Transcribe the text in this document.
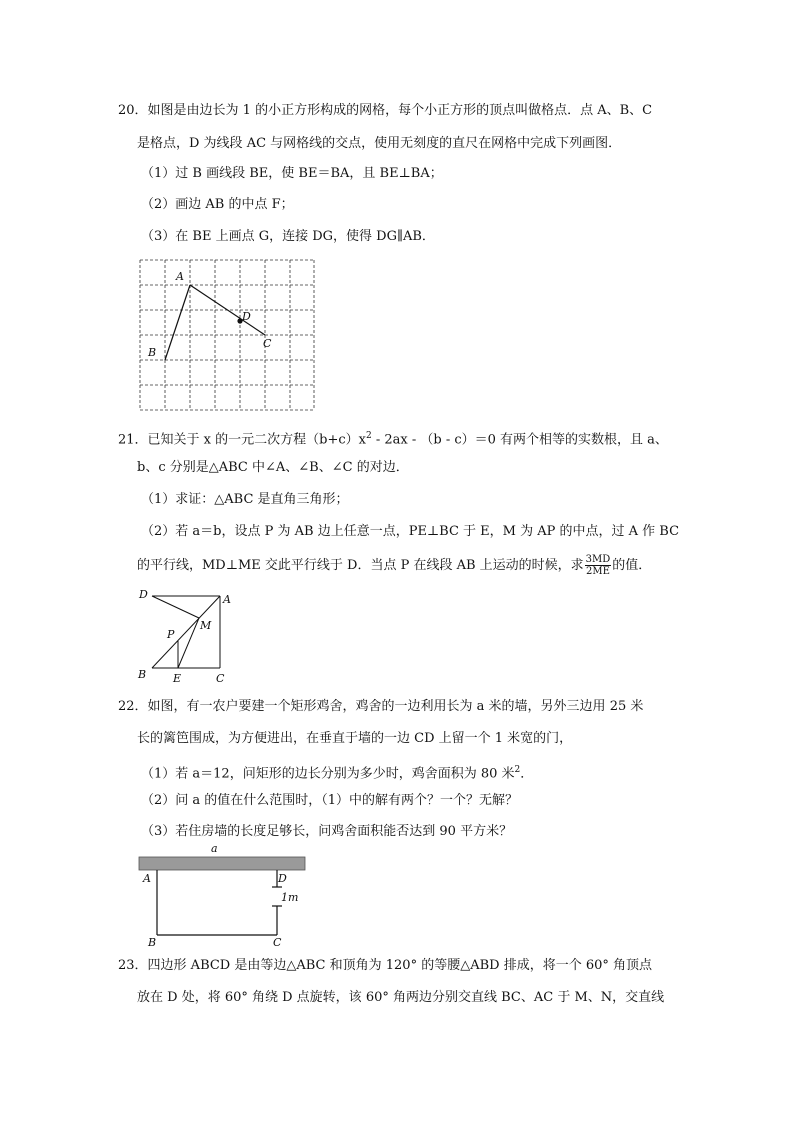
20．如图是由边长为 1 的小正方形构成的网格，每个小正方形的顶点叫做格点．点 A、B、C
是格点，D 为线段 AC 与网格线的交点，使用无刻度的直尺在网格中完成下列画图．
（1）过 B 画线段 BE，使 BE＝BA，且 BE⊥BA；
（2）画边 AB 的中点 F；
（3）在 BE 上画点 G，连接 DG，使得 DG∥AB．
A
B
C
D
21．已知关于 x 的一元二次方程$(b+c)x^2 - 2ax - (b - c)=0$ 有两个相等的实数根，且 a、
b、c 分别是△ABC 中∠A、∠B、∠C 的对边．
（1）求证：△ABC 是直角三角形；
（2）若 a＝b，设点 P 为 AB 边上任意一点，PE⊥BC 于 E，M 为 AP 的中点，过 A 作 BC
的平行线，MD⊥ME 交此平行线于 D．当点 P 在线段 AB 上运动的时候，求 $\frac{3MD}{2ME}$ 的值．
D	A
P
M
B E	C
22．如图，有一农户要建一个矩形鸡舍，鸡舍的一边利用长为 a 米的墙，另外三边用 25 米
长的篱笆围成，为方便进出，在垂直于墙的一边 CD 上留一个 1 米宽的门，
（1）若 a＝12，问矩形的边长分别为多少时，鸡舍面积为 80 米$^2$．
（2）问 a 的值在什么范围时，（1）中的解有两个？一个？无解？
（3）若住房墙的长度足够长，问鸡舍面积能否达到 90 平方米？
a
A	D
1m
B	C
23．四边形 ABCD 是由等边△ABC 和顶角为 120° 的等腰△ABD 排成，将一个 60° 角顶点
放在 D 处，将 60° 角绕 D 点旋转，该 60° 角两边分别交直线 BC、AC 于 M、N，交直线
